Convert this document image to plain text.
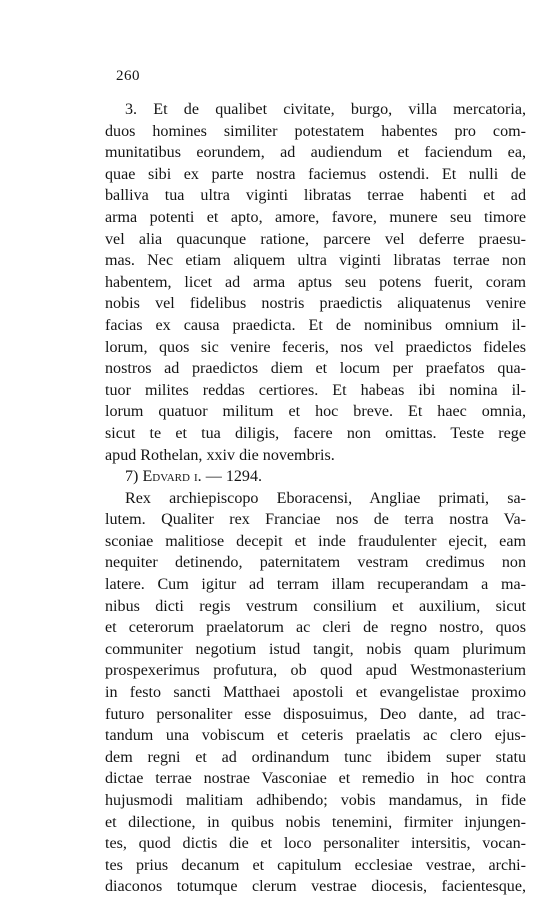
260
3. Et de qualibet civitate, burgo, villa mercatoria,
duos homines similiter potestatem habentes pro com-
munitatibus eorundem, ad audiendum et faciendum ea,
quae sibi ex parte nostra faciemus ostendi. Et nulli de
balliva tua ultra viginti libratas terrae habenti et ad
arma potenti et apto, amore, favore, munere seu timore
vel alia quacunque ratione, parcere vel deferre praesu-
mas. Nec etiam aliquem ultra viginti libratas terrae non
habentem, licet ad arma aptus seu potens fuerit, coram
nobis vel fidelibus nostris praedictis aliquatenus venire
facias ex causa praedicta. Et de nominibus omnium il-
lorum, quos sic venire feceris, nos vel praedictos fideles
nostros ad praedictos diem et locum per praefatos qua-
tuor milites reddas certiores. Et habeas ibi nomina il-
lorum quatuor militum et hoc breve. Et haec omnia,
sicut te et tua diligis, facere non omittas. Teste rege
apud Rothelan, xxiv die novembris.
7) Edvard i. — 1294.
Rex archiepiscopo Eboracensi, Angliae primati, sa-
lutem. Qualiter rex Franciae nos de terra nostra Va-
sconiae malitiose decepit et inde fraudulenter ejecit, eam
nequiter detinendo, paternitatem vestram credimus non
latere. Cum igitur ad terram illam recuperandam a ma-
nibus dicti regis vestrum consilium et auxilium, sicut
et ceterorum praelatorum ac cleri de regno nostro, quos
communiter negotium istud tangit, nobis quam plurimum
prospexerimus profutura, ob quod apud Westmonasterium
in festo sancti Matthaei apostoli et evangelistae proximo
futuro personaliter esse disposuimus, Deo dante, ad trac-
tandum una vobiscum et ceteris praelatis ac clero ejus-
dem regni et ad ordinandum tunc ibidem super statu
dictae terrae nostrae Vasconiae et remedio in hoc contra
hujusmodi malitiam adhibendo; vobis mandamus, in fide
et dilectione, in quibus nobis tenemini, firmiter injungen-
tes, quod dictis die et loco personaliter intersitis, vocan-
tes prius decanum et capitulum ecclesiae vestrae, archi-
diaconos totumque clerum vestrae diocesis, facientesque,
